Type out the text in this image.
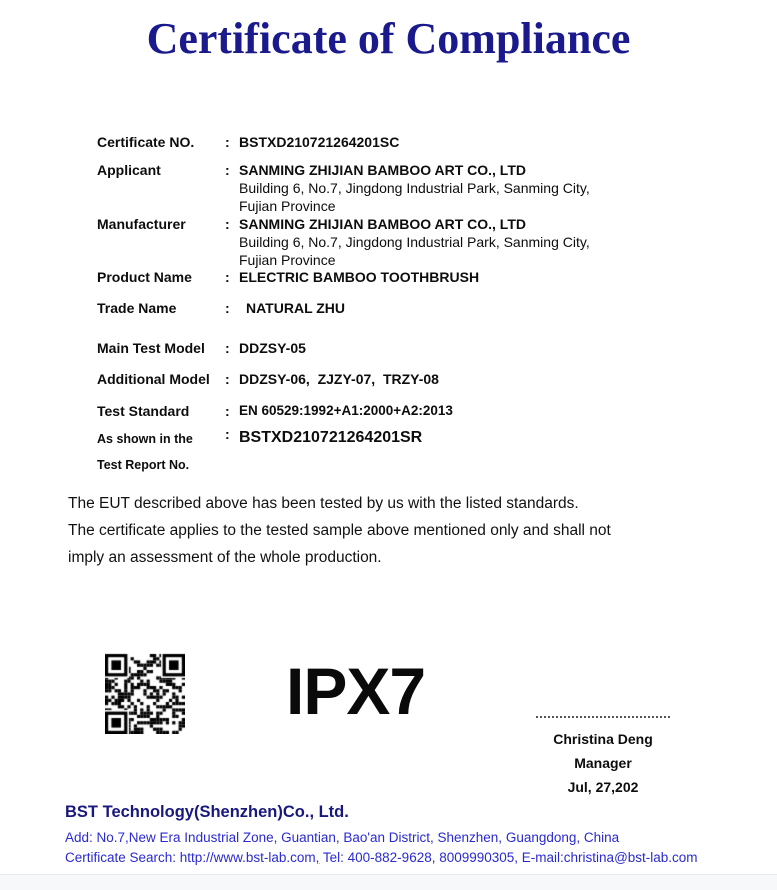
Certificate of Compliance
Certificate NO.	: BSTXD210721264201SC
Applicant	: SANMING ZHIJIAN BAMBOO ART CO., LTD
Building 6, No.7, Jingdong Industrial Park, Sanming City,
Fujian Province
Manufacturer	: SANMING ZHIJIAN BAMBOO ART CO., LTD
Building 6, No.7, Jingdong Industrial Park, Sanming City,
Fujian Province
Product Name	: ELECTRIC BAMBOO TOOTHBRUSH
Trade Name	:	NATURAL ZHU
Main Test Model	: DDZSY-05
Additional Model	: DDZSY-06,  ZJZY-07,  TRZY-08
Test Standard	: EN 60529:1992+A1:2000+A2:2013
As shown in the
Test Report No.
: BSTXD210721264201SR
The EUT described above has been tested by us with the listed standards.
The certificate applies to the tested sample above mentioned only and shall not
imply an assessment of the whole production.
IPX7
Christina Deng
Manager
Jul, 27,202
BST Technology(Shenzhen)Co., Ltd.
Add: No.7,New Era Industrial Zone, Guantian, Bao'an District, Shenzhen, Guangdong, China
Certificate Search: http://www.bst-lab.com, Tel: 400-882-9628, 8009990305, E-mail:christina@bst-lab.com
